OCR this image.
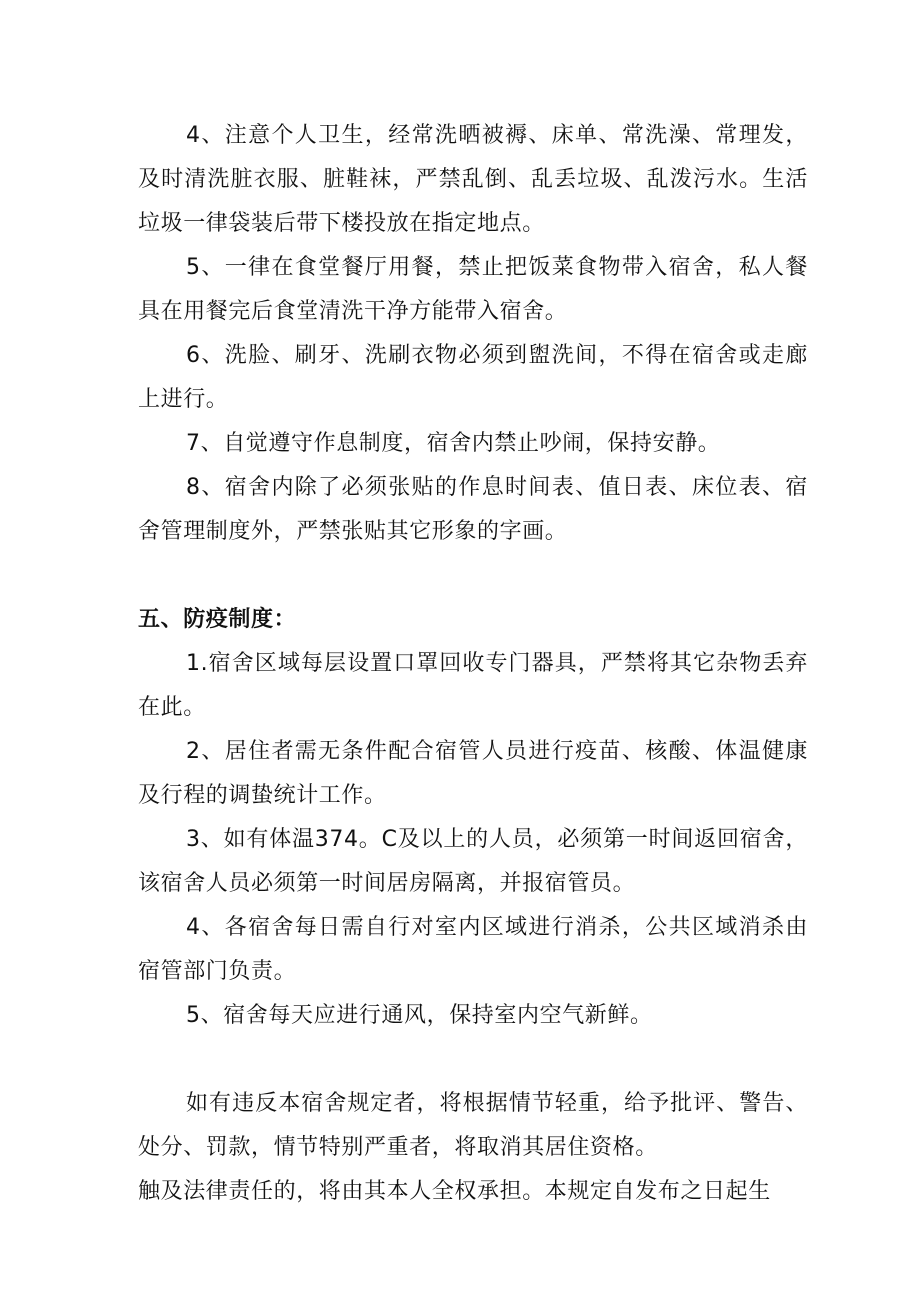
4、注意个人卫生，经常洗晒被褥、床单、常洗澡、常理发，及时清洗脏衣服、脏鞋袜，严禁乱倒、乱丢垃圾、乱泼污水。生活垃圾一律袋装后带下楼投放在指定地点。

5、一律在食堂餐厅用餐，禁止把饭菜食物带入宿舍，私人餐具在用餐完后食堂清洗干净方能带入宿舍。

6、洗脸、刷牙、洗刷衣物必须到盥洗间，不得在宿舍或走廊上进行。

7、自觉遵守作息制度，宿舍内禁止吵闹，保持安静。

8、宿舍内除了必须张贴的作息时间表、值日表、床位表、宿舍管理制度外，严禁张贴其它形象的字画。

五、防疫制度：

1.宿舍区域每层设置口罩回收专门器具，严禁将其它杂物丢弃在此。

2、居住者需无条件配合宿管人员进行疫苗、核酸、体温健康及行程的调蛰统计工作。

3、如有体温374。C及以上的人员，必须第一时间返回宿舍，该宿舍人员必须第一时间居房隔离，并报宿管员。

4、各宿舍每日需自行对室内区域进行消杀，公共区域消杀由宿管部门负责。

5、宿舍每天应进行通风，保持室内空气新鲜。

如有违反本宿舍规定者，将根据情节轻重，给予批评、警告、处分、罚款，情节特别严重者，将取消其居住资格。

触及法律责任的，将由其本人全权承担。本规定自发布之日起生
